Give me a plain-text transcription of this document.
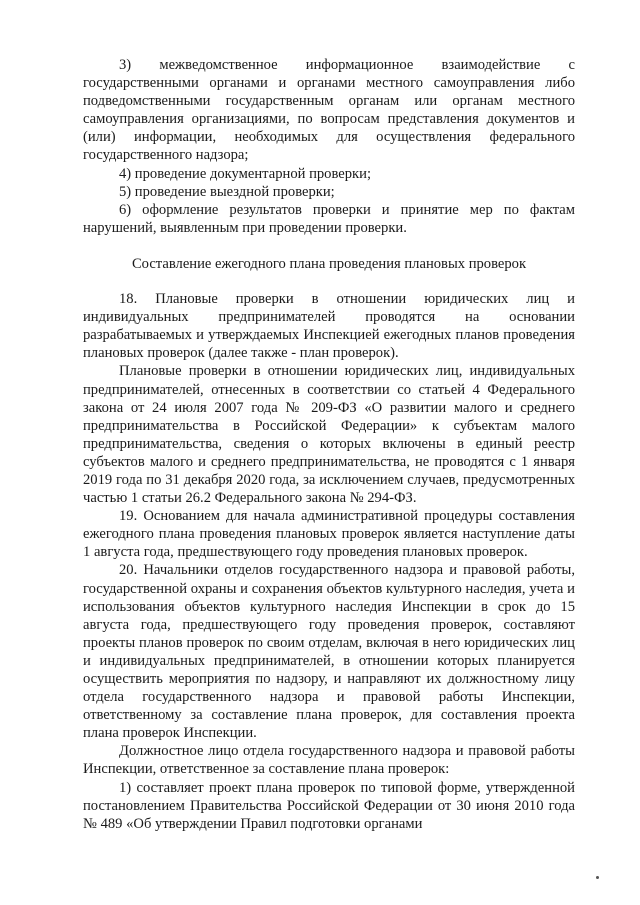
3) межведомственное информационное взаимодействие с государственными органами и органами местного самоуправления либо подведомственными государственным органам или органам местного самоуправления организациями, по вопросам представления документов и (или) информации, необходимых для осуществления федерального государственного надзора;

4) проведение документарной проверки;

5) проведение выездной проверки;

6) оформление результатов проверки и принятие мер по фактам нарушений, выявленным при проведении проверки.

Составление ежегодного плана проведения плановых проверок

18. Плановые проверки в отношении юридических лиц и индивидуальных предпринимателей проводятся на основании разрабатываемых и утверждаемых Инспекцией ежегодных планов проведения плановых проверок (далее также - план проверок).

Плановые проверки в отношении юридических лиц, индивидуальных предпринимателей, отнесенных в соответствии со статьей 4 Федерального закона от 24 июля 2007 года № 209-ФЗ «О развитии малого и среднего предпринимательства в Российской Федерации» к субъектам малого предпринимательства, сведения о которых включены в единый реестр субъектов малого и среднего предпринимательства, не проводятся с 1 января 2019 года по 31 декабря 2020 года, за исключением случаев, предусмотренных частью 1 статьи 26.2 Федерального закона № 294-ФЗ.

19. Основанием для начала административной процедуры составления ежегодного плана проведения плановых проверок является наступление даты 1 августа года, предшествующего году проведения плановых проверок.

20. Начальники отделов государственного надзора и правовой работы, государственной охраны и сохранения объектов культурного наследия, учета и использования объектов культурного наследия Инспекции в срок до 15 августа года, предшествующего году проведения проверок, составляют проекты планов проверок по своим отделам, включая в него юридических лиц и индивидуальных предпринимателей, в отношении которых планируется осуществить мероприятия по надзору, и направляют их должностному лицу отдела государственного надзора и правовой работы Инспекции, ответственному за составление плана проверок, для составления проекта плана проверок Инспекции.

Должностное лицо отдела государственного надзора и правовой работы Инспекции, ответственное за составление плана проверок:

1) составляет проект плана проверок по типовой форме, утвержденной постановлением Правительства Российской Федерации от 30 июня 2010 года № 489 «Об утверждении Правил подготовки органами
